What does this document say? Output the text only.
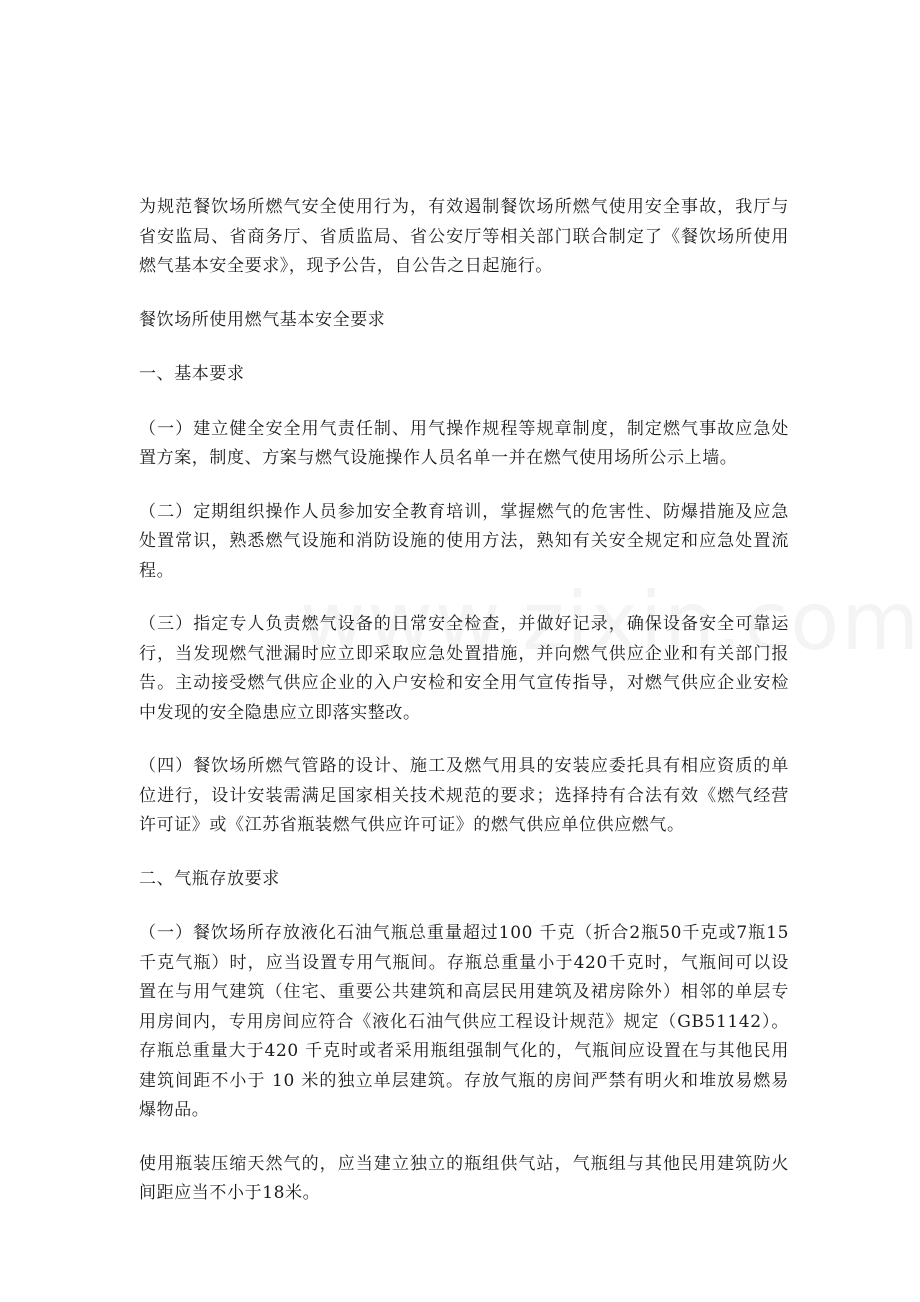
为规范餐饮场所燃气安全使用行为，有效遏制餐饮场所燃气使用安全事故，我厅与省安监局、省商务厅、省质监局、省公安厅等相关部门联合制定了《餐饮场所使用燃气基本安全要求》，现予公告，自公告之日起施行。

餐饮场所使用燃气基本安全要求

一、基本要求

（一）建立健全安全用气责任制、用气操作规程等规章制度，制定燃气事故应急处置方案，制度、方案与燃气设施操作人员名单一并在燃气使用场所公示上墙。

（二）定期组织操作人员参加安全教育培训，掌握燃气的危害性、防爆措施及应急处置常识，熟悉燃气设施和消防设施的使用方法，熟知有关安全规定和应急处置流程。

（三）指定专人负责燃气设备的日常安全检查，并做好记录，确保设备安全可靠运行，当发现燃气泄漏时应立即采取应急处置措施，并向燃气供应企业和有关部门报告。主动接受燃气供应企业的入户安检和安全用气宣传指导，对燃气供应企业安检中发现的安全隐患应立即落实整改。

（四）餐饮场所燃气管路的设计、施工及燃气用具的安装应委托具有相应资质的单位进行，设计安装需满足国家相关技术规范的要求；选择持有合法有效《燃气经营许可证》或《江苏省瓶装燃气供应许可证》的燃气供应单位供应燃气。

二、气瓶存放要求

（一）餐饮场所存放液化石油气瓶总重量超过100 千克（折合2瓶50千克或7瓶15千克气瓶）时，应当设置专用气瓶间。存瓶总重量小于420千克时，气瓶间可以设置在与用气建筑（住宅、重要公共建筑和高层民用建筑及裙房除外）相邻的单层专用房间内，专用房间应符合《液化石油气供应工程设计规范》规定（GB51142）。存瓶总重量大于420 千克时或者采用瓶组强制气化的，气瓶间应设置在与其他民用建筑间距不小于 10 米的独立单层建筑。存放气瓶的房间严禁有明火和堆放易燃易爆物品。

使用瓶装压缩天然气的，应当建立独立的瓶组供气站，气瓶组与其他民用建筑防火间距应当不小于18米。
